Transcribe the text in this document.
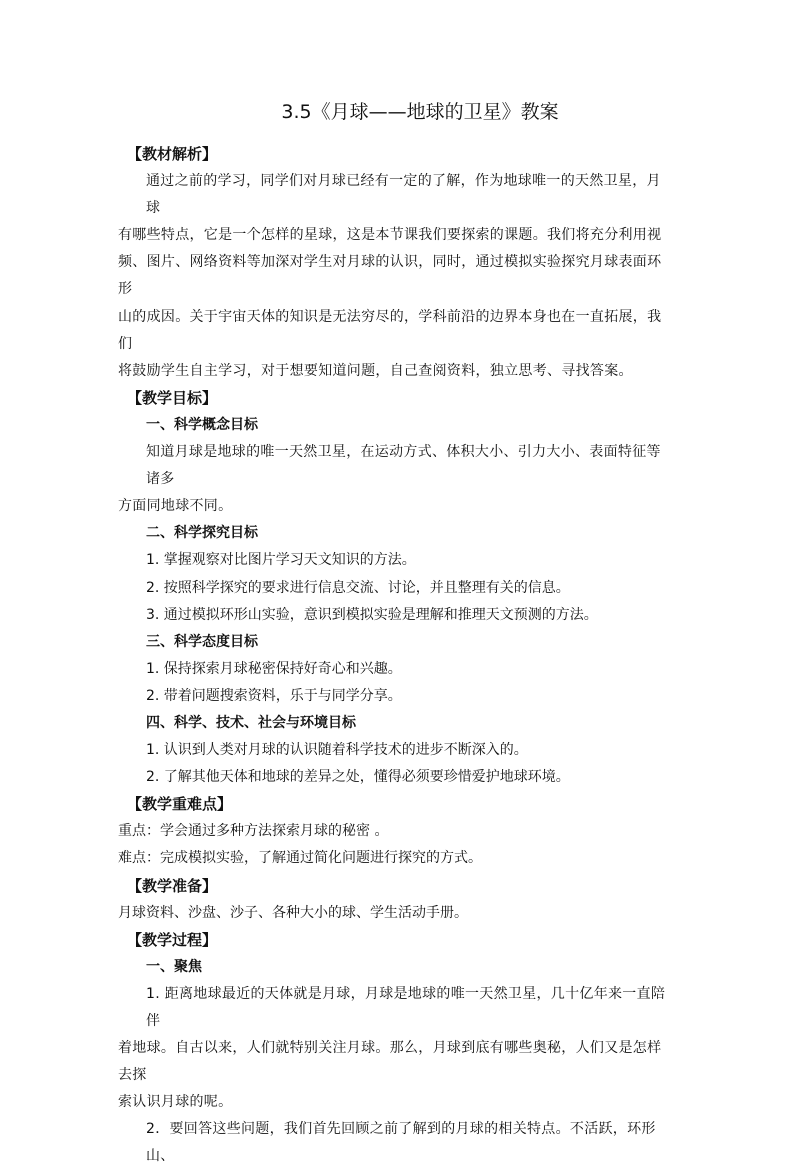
3.5《月球——地球的卫星》教案
【教材解析】
通过之前的学习，同学们对月球已经有一定的了解，作为地球唯一的天然卫星，月球
有哪些特点，它是一个怎样的星球，这是本节课我们要探索的课题。我们将充分利用视
频、图片、网络资料等加深对学生对月球的认识，同时，通过模拟实验探究月球表面环形
山的成因。关于宇宙天体的知识是无法穷尽的，学科前沿的边界本身也在一直拓展，我们
将鼓励学生自主学习，对于想要知道问题，自己查阅资料，独立思考、寻找答案。
【教学目标】
一、科学概念目标
知道月球是地球的唯一天然卫星，在运动方式、体积大小、引力大小、表面特征等诸多
方面同地球不同。
二、科学探究目标
1. 掌握观察对比图片学习天文知识的方法。
2. 按照科学探究的要求进行信息交流、讨论，并且整理有关的信息。
3. 通过模拟环形山实验，意识到模拟实验是理解和推理天文预测的方法。
三、科学态度目标
1. 保持探索月球秘密保持好奇心和兴趣。
2. 带着问题搜索资料，乐于与同学分享。
四、科学、技术、社会与环境目标
1. 认识到人类对月球的认识随着科学技术的进步不断深入的。
2. 了解其他天体和地球的差异之处，懂得必须要珍惜爱护地球环境。
【教学重难点】
重点：学会通过多种方法探索月球的秘密 。
难点：完成模拟实验，了解通过简化问题进行探究的方式。
【教学准备】
月球资料、沙盘、沙子、各种大小的球、学生活动手册。
【教学过程】
一、聚焦
1. 距离地球最近的天体就是月球，月球是地球的唯一天然卫星，几十亿年来一直陪伴
着地球。自古以来，人们就特别关注月球。那么，月球到底有哪些奥秘，人们又是怎样去探
索认识月球的呢。
2．要回答这些问题，我们首先回顾之前了解到的月球的相关特点。不活跃，环形山、
